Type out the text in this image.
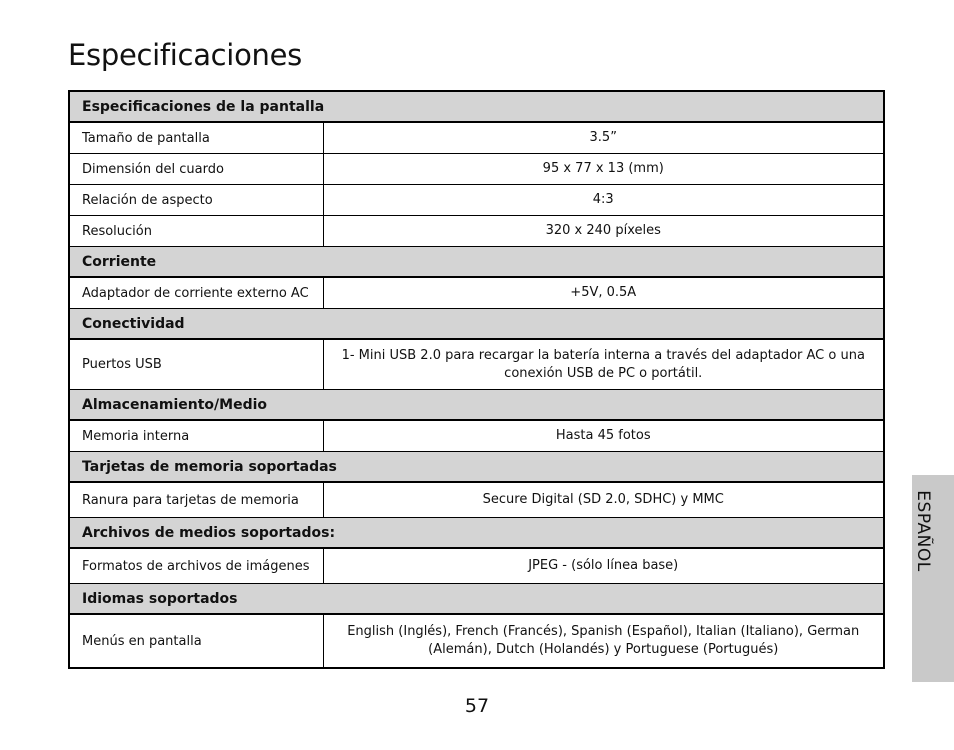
Especificaciones
Especificaciones de la pantalla	
Tamaño de pantalla	3.5”
Dimensión del cuardo	95 x 77 x 13 (mm)
Relación de aspecto	4:3
Resolución	320 x 240 píxeles
Corriente	
Adaptador de corriente externo AC	+5V, 0.5A
Conectividad	
Puertos USB	1- Mini USB 2.0 para recargar la batería interna a través del adaptador AC o una conexión USB de PC o portátil.
Almacenamiento/Medio	
Memoria interna	Hasta 45 fotos
Tarjetas de memoria soportadas	
Ranura para tarjetas de memoria	Secure Digital (SD 2.0, SDHC) y MMC
Archivos de medios soportados:	
Formatos de archivos de imágenes	JPEG - (sólo línea base)
Idiomas soportados	
Menús en pantalla	English (Inglés), French (Francés), Spanish (Español), Italian (Italiano), German (Alemán), Dutch (Holandés) y Portuguese (Portugués)
ESPAÑOL
57
